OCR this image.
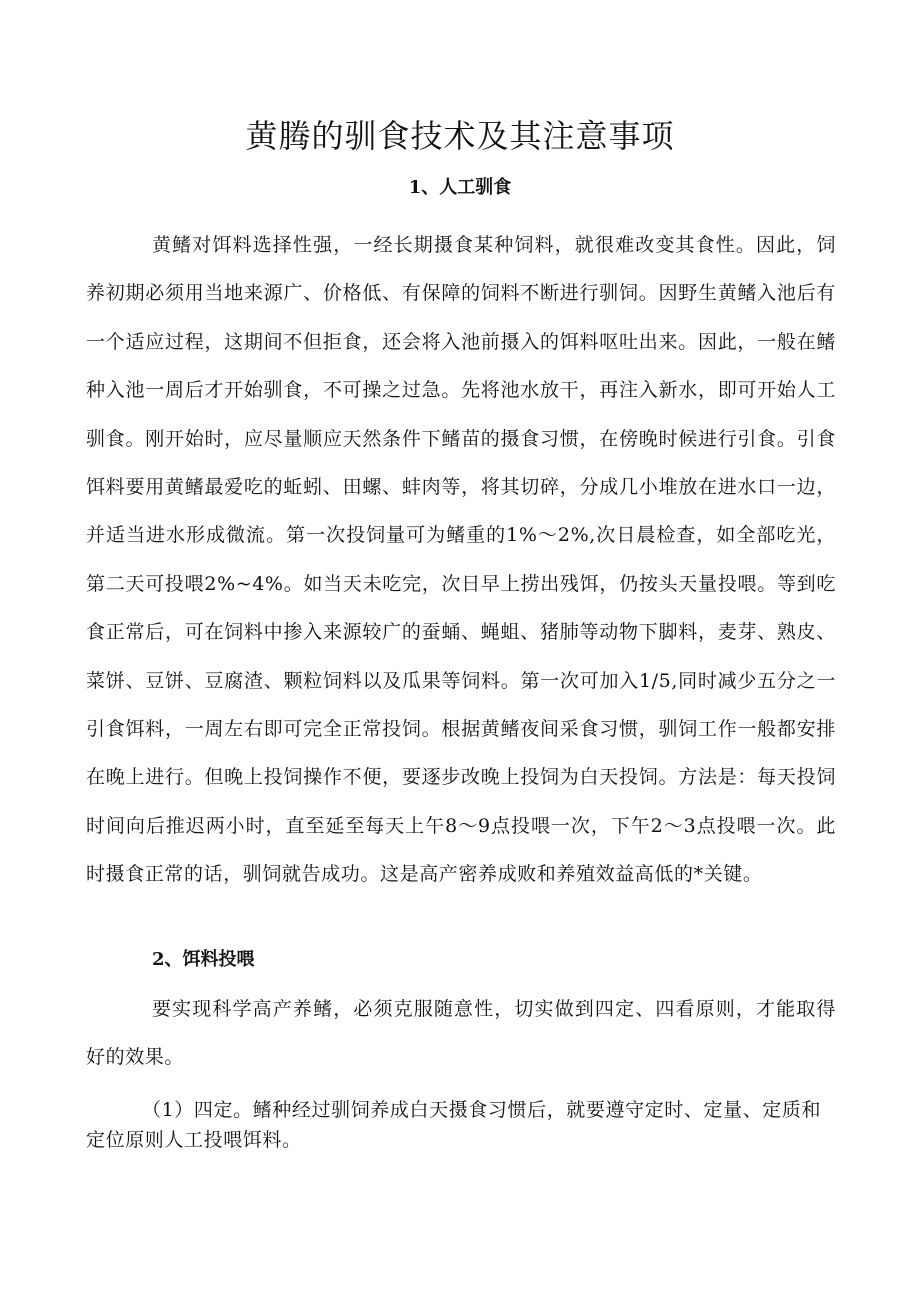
黄腾的驯食技术及其注意事项
1、人工驯食

黄鳍对饵料选择性强，一经长期摄食某种饲料，就很难改变其食性。因此，饲养初期必须用当地来源广、价格低、有保障的饲料不断进行驯饲。因野生黄鳍入池后有一个适应过程，这期间不但拒食，还会将入池前摄入的饵料呕吐出来。因此，一般在鳍种入池一周后才开始驯食，不可操之过急。先将池水放干，再注入新水，即可开始人工驯食。刚开始时，应尽量顺应天然条件下鳍苗的摄食习惯，在傍晚时候进行引食。引食饵料要用黄鳍最爱吃的蚯蚓、田螺、蚌肉等，将其切碎，分成几小堆放在进水口一边，并适当进水形成微流。第一次投饲量可为鳍重的1%～2%,次日晨检查，如全部吃光，第二天可投喂2%~4%。如当天未吃完，次日早上捞出残饵，仍按头天量投喂。等到吃食正常后，可在饲料中掺入来源较广的蚕蛹、蝇蛆、猪肺等动物下脚料，麦芽、熟皮、菜饼、豆饼、豆腐渣、颗粒饲料以及瓜果等饲料。第一次可加入1/5,同时减少五分之一引食饵料，一周左右即可完全正常投饲。根据黄鳍夜间采食习惯，驯饲工作一般都安排在晚上进行。但晚上投饲操作不便，要逐步改晚上投饲为白天投饲。方法是：每天投饲时间向后推迟两小时，直至延至每天上午8～9点投喂一次，下午2～3点投喂一次。此时摄食正常的话，驯饲就告成功。这是高产密养成败和养殖效益高低的*关键。

2、饵料投喂

要实现科学高产养鳍，必须克服随意性，切实做到四定、四看原则，才能取得好的效果。

（1）四定。鳍种经过驯饲养成白天摄食习惯后，就要遵守定时、定量、定质和定位原则人工投喂饵料。
